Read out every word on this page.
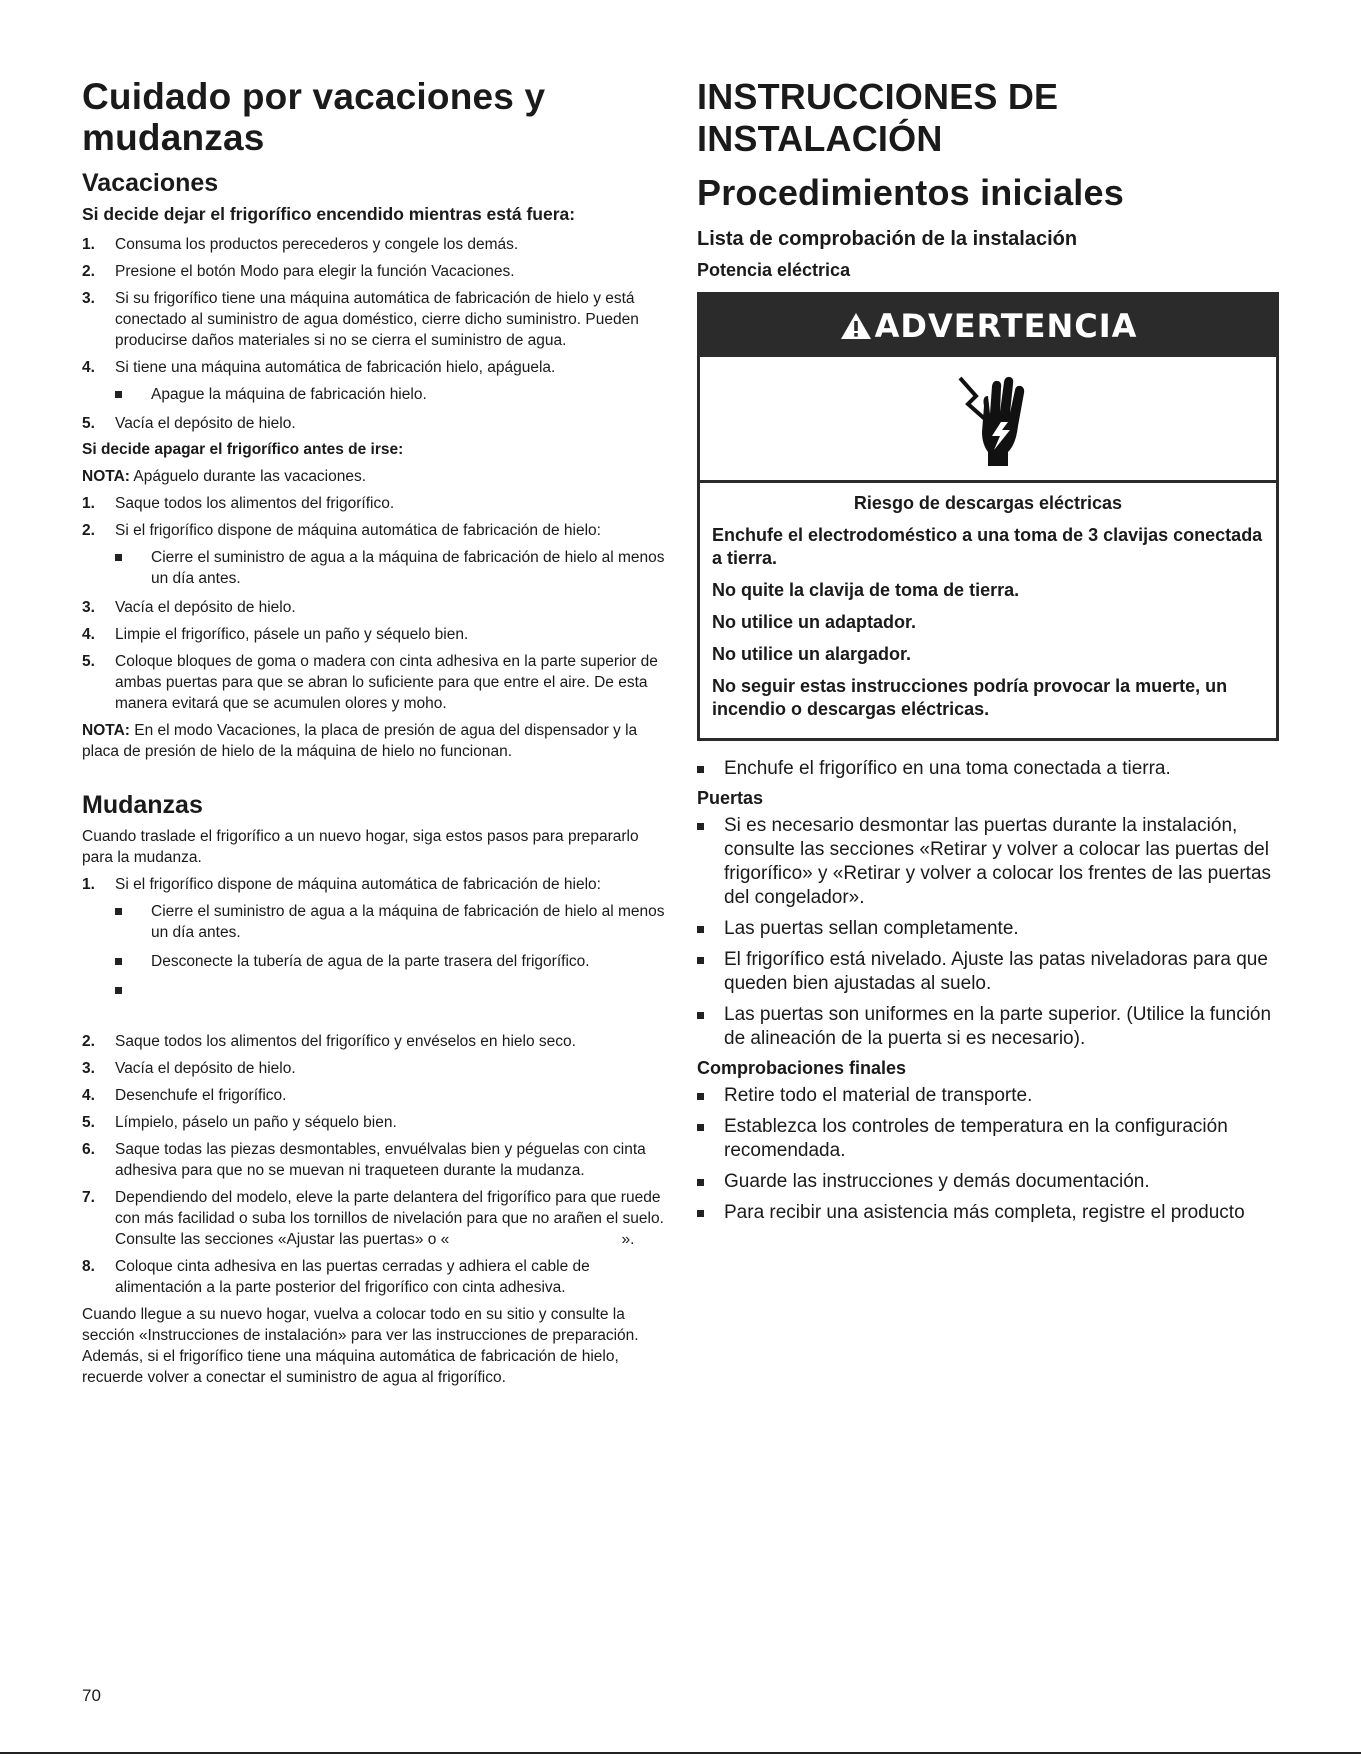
Cuidado por vacaciones y mudanzas
Vacaciones
Si decide dejar el frigorífico encendido mientras está fuera:
1. Consuma los productos perecederos y congele los demás.
2. Presione el botón Modo para elegir la función Vacaciones.
3. Si su frigorífico tiene una máquina automática de fabricación de hielo y está conectado al suministro de agua doméstico, cierre dicho suministro. Pueden producirse daños materiales si no se cierra el suministro de agua.
4. Si tiene una máquina automática de fabricación hielo, apáguela.
Apague la máquina de fabricación hielo.
5. Vacía el depósito de hielo.
Si decide apagar el frigorífico antes de irse:
NOTA: Apáguelo durante las vacaciones.
1. Saque todos los alimentos del frigorífico.
2. Si el frigorífico dispone de máquina automática de fabricación de hielo:
Cierre el suministro de agua a la máquina de fabricación de hielo al menos un día antes.
3. Vacía el depósito de hielo.
4. Limpie el frigorífico, pásele un paño y séquelo bien.
5. Coloque bloques de goma o madera con cinta adhesiva en la parte superior de ambas puertas para que se abran lo suficiente para que entre el aire. De esta manera evitará que se acumulen olores y moho.
NOTA: En el modo Vacaciones, la placa de presión de agua del dispensador y la placa de presión de hielo de la máquina de hielo no funcionan.
Mudanzas
Cuando traslade el frigorífico a un nuevo hogar, siga estos pasos para prepararlo para la mudanza.
1. Si el frigorífico dispone de máquina automática de fabricación de hielo:
Cierre el suministro de agua a la máquina de fabricación de hielo al menos un día antes.
Desconecte la tubería de agua de la parte trasera del frigorífico.
2. Saque todos los alimentos del frigorífico y envéselos en hielo seco.
3. Vacía el depósito de hielo.
4. Desenchufe el frigorífico.
5. Límpielo, páselo un paño y séquelo bien.
6. Saque todas las piezas desmontables, envuélvalas bien y péguelas con cinta adhesiva para que no se muevan ni traqueteen durante la mudanza.
7. Dependiendo del modelo, eleve la parte delantera del frigorífico para que ruede con más facilidad o suba los tornillos de nivelación para que no arañen el suelo. Consulte las secciones «Ajustar las puertas» o «                                        ».
8. Coloque cinta adhesiva en las puertas cerradas y adhiera el cable de alimentación a la parte posterior del frigorífico con cinta adhesiva.
Cuando llegue a su nuevo hogar, vuelva a colocar todo en su sitio y consulte la sección «Instrucciones de instalación» para ver las instrucciones de preparación. Además, si el frigorífico tiene una máquina automática de fabricación de hielo, recuerde volver a conectar el suministro de agua al frigorífico.
INSTRUCCIONES DE INSTALACIÓN
Procedimientos iniciales
Lista de comprobación de la instalación
Potencia eléctrica
ADVERTENCIA
Riesgo de descargas eléctricas
Enchufe el electrodoméstico a una toma de 3 clavijas conectada a tierra.
No quite la clavija de toma de tierra.
No utilice un adaptador.
No utilice un alargador.
No seguir estas instrucciones podría provocar la muerte, un incendio o descargas eléctricas.
Enchufe el frigorífico en una toma conectada a tierra.
Puertas
Si es necesario desmontar las puertas durante la instalación, consulte las secciones «Retirar y volver a colocar las puertas del frigorífico» y «Retirar y volver a colocar los frentes de las puertas del congelador».
Las puertas sellan completamente.
El frigorífico está nivelado. Ajuste las patas niveladoras para que queden bien ajustadas al suelo.
Las puertas son uniformes en la parte superior. (Utilice la función de alineación de la puerta si es necesario).
Comprobaciones finales
Retire todo el material de transporte.
Establezca los controles de temperatura en la configuración recomendada.
Guarde las instrucciones y demás documentación.
Para recibir una asistencia más completa, registre el producto
70
